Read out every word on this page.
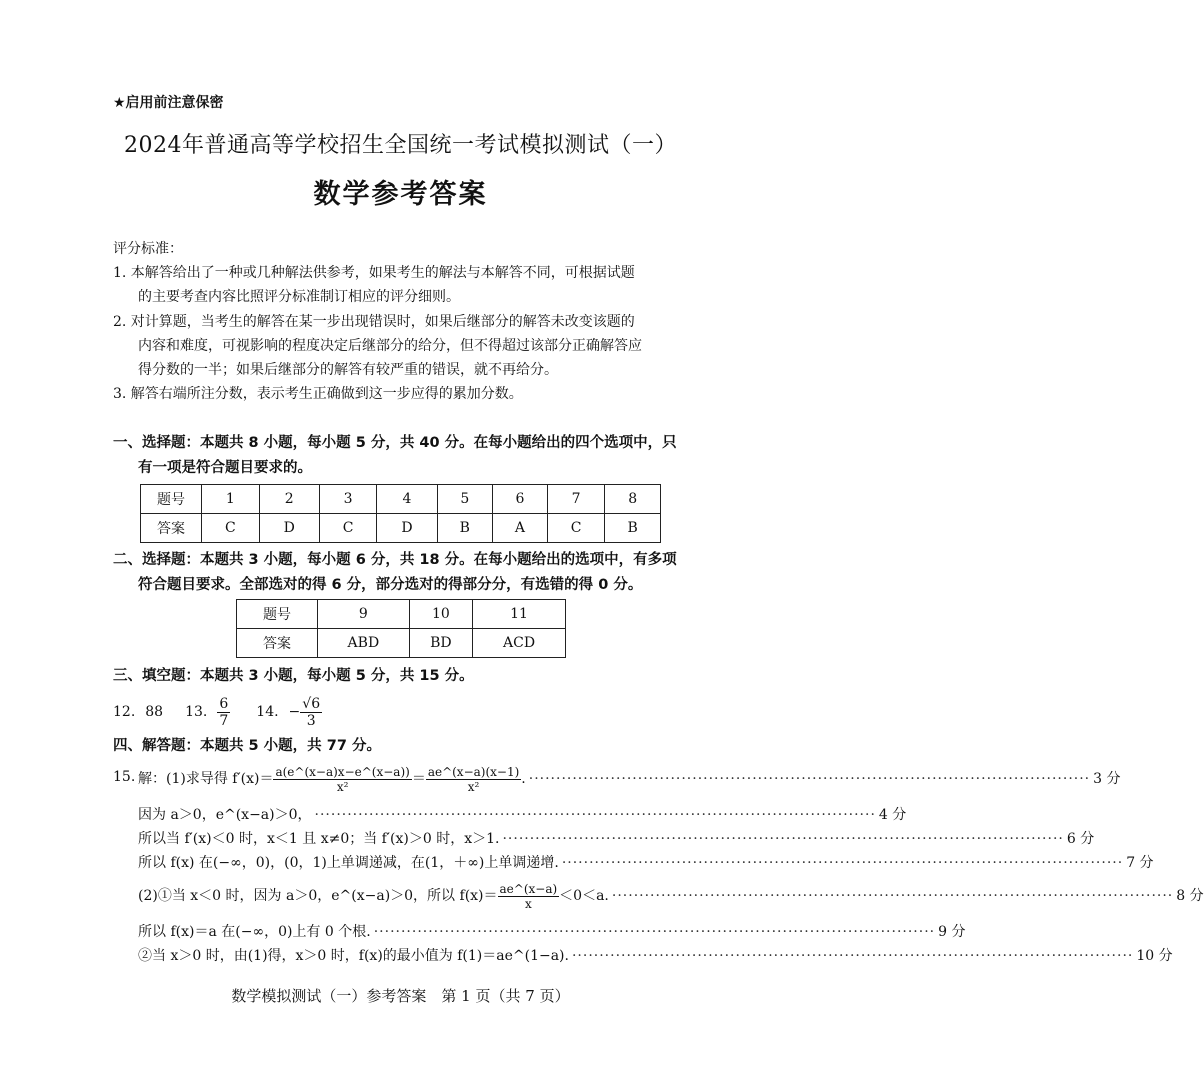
★启用前注意保密
2024年普通高等学校招生全国统一考试模拟测试（一）
数学参考答案
评分标准：
1. 本解答给出了一种或几种解法供参考，如果考生的解法与本解答不同，可根据试题
的主要考查内容比照评分标准制订相应的评分细则。
2. 对计算题，当考生的解答在某一步出现错误时，如果后继部分的解答未改变该题的
内容和难度，可视影响的程度决定后继部分的给分，但不得超过该部分正确解答应
得分数的一半；如果后继部分的解答有较严重的错误，就不再给分。
3. 解答右端所注分数，表示考生正确做到这一步应得的累加分数。
一、选择题：本题共 8 小题，每小题 5 分，共 40 分。在每小题给出的四个选项中，只
有一项是符合题目要求的。
题号	1	2	3	4	5	6	7	8
答案	C	D	C	D	B	A	C	B
二、选择题：本题共 3 小题，每小题 6 分，共 18 分。在每小题给出的选项中，有多项
符合题目要求。全部选对的得 6 分，部分选对的得部分分，有选错的得 0 分。
题号	9	10	11
答案	ABD	BD	ACD
三、填空题：本题共 3 小题，每小题 5 分，共 15 分。
12. 88 13. $\frac{6}{7} 14$. − $\frac{√6}{3}$
四、解答题：本题共 5 小题，共 77 分。
15. 解：(1)求导得 $f'(x)= \frac{a(e\^{}(x-a)x-e\^{}(x-a))}{\text{x²}} = \frac{ae\^{}(x-a)(x-1)}{\text{x²}}$ . ······································································································· 3 分
因为 a＞0，e^(x−a)＞0， ······································································································· 4 分
所以当 f′(x)＜0 时，x＜1 且 x≠0；当 f′(x)＞0 时，x＞1. ······································································································· 6 分
所以 f(x) 在(−∞，0)，(0，1)上单调递减，在(1，＋∞)上单调递增. ······································································································· 7 分
(2)①当 x＜0 时，因为 a＞0，e^(x−a)＞0，所以 $f(x)= \frac{ae\^{}(x-a)}{x} <0<a$. ······································································································· 8 分
所以 f(x)＝a 在(−∞，0)上有 0 个根. ······································································································· 9 分
②当 x＞0 时，由(1)得，x＞0 时，f(x)的最小值为 f(1)＝ae^(1−a). ······································································································· 10 分
数学模拟测试（一）参考答案　第 1 页（共 7 页）
